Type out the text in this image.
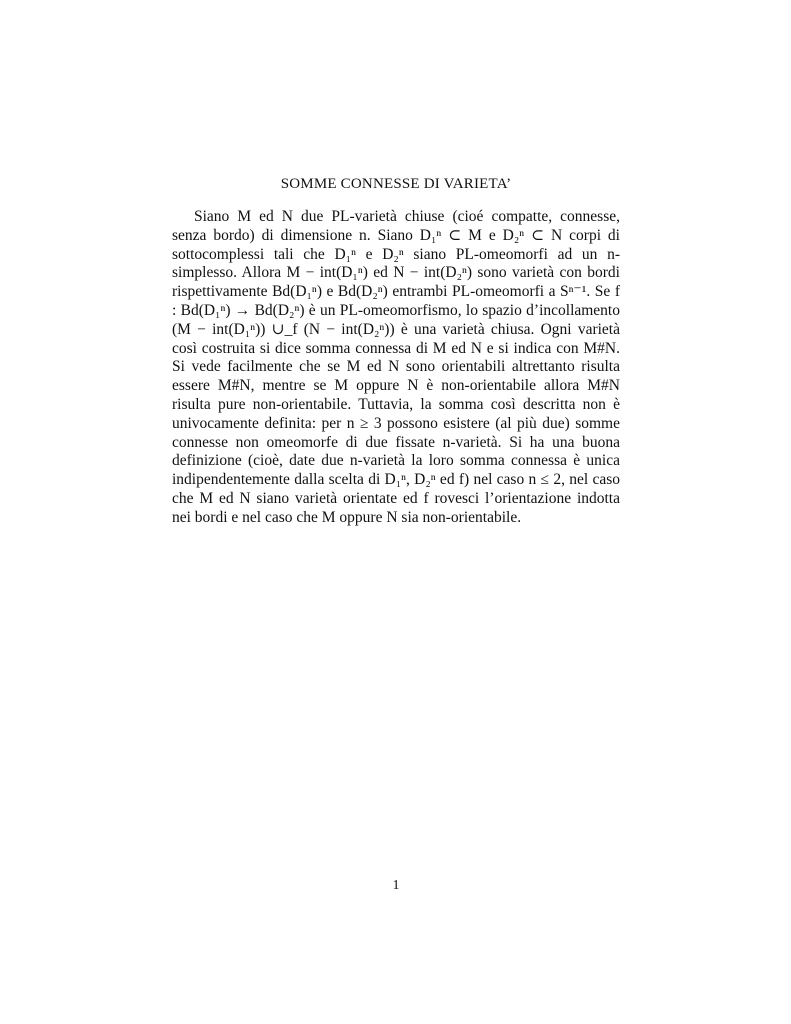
SOMME CONNESSE DI VARIETA’

Siano M ed N due PL-varietà chiuse (cioé compatte, connesse, senza bordo) di dimensione n. Siano D₁ⁿ ⊂ M e D₂ⁿ ⊂ N corpi di sottocomplessi tali che D₁ⁿ e D₂ⁿ siano PL-omeomorfi ad un n-simplesso. Allora M − int(D₁ⁿ) ed N − int(D₂ⁿ) sono varietà con bordi rispettivamente Bd(D₁ⁿ) e Bd(D₂ⁿ) entrambi PL-omeomorfi a Sⁿ⁻¹. Se f : Bd(D₁ⁿ) → Bd(D₂ⁿ) è un PL-omeomorfismo, lo spazio d’incollamento (M − int(D₁ⁿ)) ∪_f (N − int(D₂ⁿ)) è una varietà chiusa. Ogni varietà così costruita si dice somma connessa di M ed N e si indica con M#N. Si vede facilmente che se M ed N sono orientabili altrettanto risulta essere M#N, mentre se M oppure N è non-orientabile allora M#N risulta pure non-orientabile. Tuttavia, la somma così descritta non è univocamente definita: per n ≥ 3 possono esistere (al più due) somme connesse non omeomorfe di due fissate n-varietà. Si ha una buona definizione (cioè, date due n-varietà la loro somma connessa è unica indipendentemente dalla scelta di D₁ⁿ, D₂ⁿ ed f) nel caso n ≤ 2, nel caso che M ed N siano varietà orientate ed f rovesci l’orientazione indotta nei bordi e nel caso che M oppure N sia non-orientabile.

1
